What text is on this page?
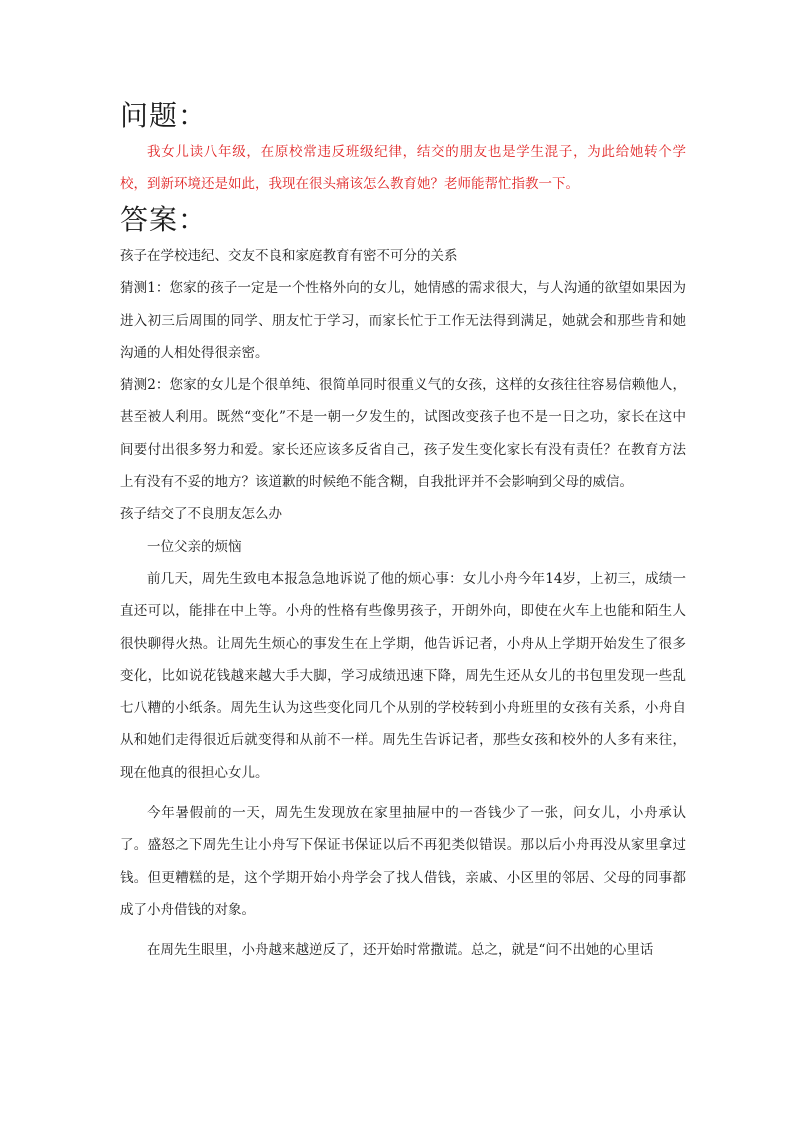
问题：

我女儿读八年级，在原校常违反班级纪律，结交的朋友也是学生混子，为此给她转个学校，到新环境还是如此，我现在很头痛该怎么教育她？老师能帮忙指教一下。

答案：

孩子在学校违纪、交友不良和家庭教育有密不可分的关系

猜测1：您家的孩子一定是一个性格外向的女儿，她情感的需求很大，与人沟通的欲望如果因为进入初三后周围的同学、朋友忙于学习，而家长忙于工作无法得到满足，她就会和那些肯和她沟通的人相处得很亲密。

猜测2：您家的女儿是个很单纯、很简单同时很重义气的女孩，这样的女孩往往容易信赖他人，甚至被人利用。既然“变化”不是一朝一夕发生的，试图改变孩子也不是一日之功，家长在这中间要付出很多努力和爱。家长还应该多反省自己，孩子发生变化家长有没有责任？在教育方法上有没有不妥的地方？该道歉的时候绝不能含糊，自我批评并不会影响到父母的威信。

孩子结交了不良朋友怎么办

一位父亲的烦恼

前几天，周先生致电本报急急地诉说了他的烦心事：女儿小舟今年14岁，上初三，成绩一直还可以，能排在中上等。小舟的性格有些像男孩子，开朗外向，即使在火车上也能和陌生人很快聊得火热。让周先生烦心的事发生在上学期，他告诉记者，小舟从上学期开始发生了很多变化，比如说花钱越来越大手大脚，学习成绩迅速下降，周先生还从女儿的书包里发现一些乱七八糟的小纸条。周先生认为这些变化同几个从别的学校转到小舟班里的女孩有关系，小舟自从和她们走得很近后就变得和从前不一样。周先生告诉记者，那些女孩和校外的人多有来往，现在他真的很担心女儿。

今年暑假前的一天，周先生发现放在家里抽屉中的一沓钱少了一张，问女儿，小舟承认了。盛怒之下周先生让小舟写下保证书保证以后不再犯类似错误。那以后小舟再没从家里拿过钱。但更糟糕的是，这个学期开始小舟学会了找人借钱，亲戚、小区里的邻居、父母的同事都成了小舟借钱的对象。

在周先生眼里，小舟越来越逆反了，还开始时常撒谎。总之，就是“问不出她的心里话
